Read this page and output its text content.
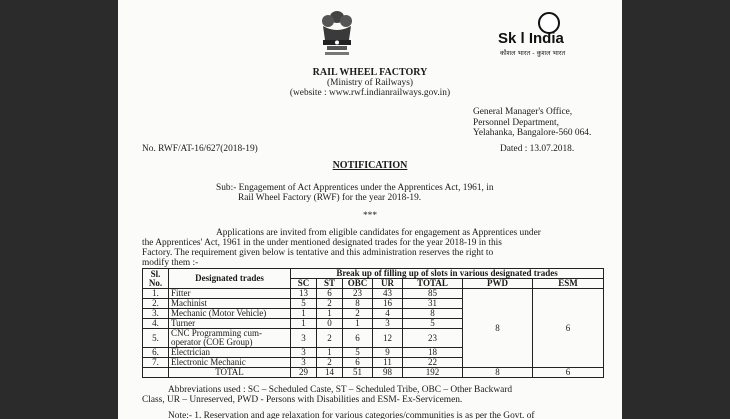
Sk l India
कौशल भारत - कुशल भारत
RAIL WHEEL FACTORY
(Ministry of Railways)
(website : www.rwf.indianrailways.gov.in)
General Manager's Office,
Personnel Department,
Yelahanka, Bangalore-560 064.
No. RWF/AT-16/627(2018-19)	Dated : 13.07.2018.
NOTIFICATION
Sub:- Engagement of Act Apprentices under the Apprentices Act, 1961, in
Rail Wheel Factory (RWF) for the year 2018-19.
***
Applications are invited from eligible candidates for engagement as Apprentices under
the Apprentices' Act, 1961 in the under mentioned designated trades for the year 2018-19 in this
Factory. The requirement given below is tentative and this administration reserves the right to
modify them :-
Sl. No.	Designated trades	Break up of filling up of slots in various designated trades						
		SC	ST	OBC	UR	TOTAL	PWD	ESM
1.	Fitter	13	6	23	43	85	8	6
2.	Machinist	5	2	8	16	31		
3.	Mechanic (Motor Vehicle)	1	1	2	4	8		
4.	Turner	1	0	1	3	5		
5.	CNC Programming cum-operator (COE Group)	3	2	6	12	23		
6.	Electrician	3	1	5	9	18		
7.	Electronic Mechanic	3	2	6	11	22		
	TOTAL	29	14	51	98	192	8	6
Abbreviations used : SC – Scheduled Caste, ST – Scheduled Tribe, OBC – Other Backward
Class, UR – Unreserved, PWD - Persons with Disabilities and ESM- Ex-Servicemen.
Note:- 1. Reservation and age relaxation for various categories/communities is as per the Govt. of
